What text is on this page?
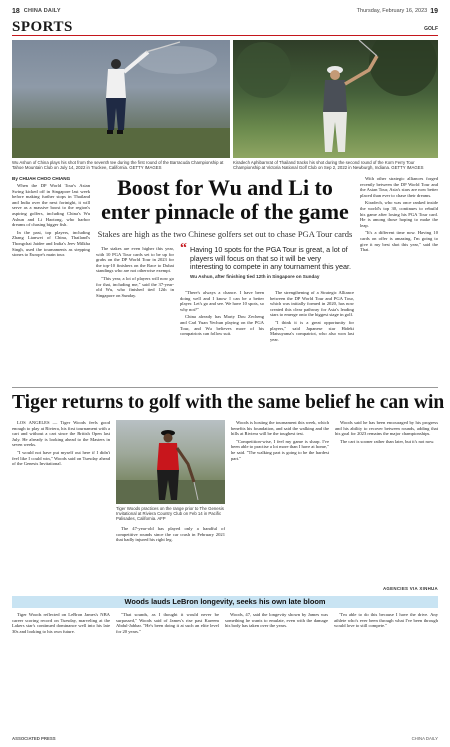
18 CHINA DAILY	Thursday, February 16, 2023 19
SPORTS	GOLF
Wu Ashun of China plays his shot from the seventh tee during the first round of the Barracuda Championship at Tahoe Mountain Club on July 14, 2022 in Truckee, California. GETTY IMAGES
Kiradech Aphibarnrat of Thailand tracks his shot during the second round of the Korn Ferry Tour Championship at Victoria National Golf Club on Sep 2, 2022 in Newburgh, Indiana. GETTY IMAGES
By CHUAH CHOO CHIANG

When the DP World Tour's Asian Swing kicked off in Singapore last week before making further stops in Thailand and India over the next fortnight, it will serve as a massive boost to the region's aspiring golfers, including China's Wu Ashun and Li Haotong, who harbor dreams of chasing bigger fish.

In the past, top players, including Zhang Lianwei of China, Thailand's Thongchai Jaidee and India's Jeev Milkha Singh, used the tournaments as stepping stones to Europe's main tour.

Boost for Wu and Li to enter pinnacle of the game
Stakes are high as the two Chinese golfers set out to chase PGA Tour cards

The stakes are even higher this year, with 10 PGA Tour cards set to be up for grabs on the DP World Tour in 2023 for the top-10 finishers on the Race to Dubai standings who are not otherwise exempt.

"This year, a lot of players will now go for that, including me," said the 37-year-old Wu, who finished tied 12th in Singapore on Sunday.

“ Having 10 spots for the PGA Tour is great, a lot of players will focus on that so it will be very interesting to compete in any tournament this year.
Wu Ashun, after finishing tied 12th in Singapore on Sunday

"There's always a chance. I have been doing well and I know I can be a better player. Let's go and see. We have 10 spots, so why not?"

China already has Marty Dou Zecheng and Carl Yuan Yechun playing on the PGA Tour, and Wu believes more of his compatriots can follow suit.

The strengthening of a Strategic Alliance between the DP World Tour and PGA Tour, which was initially formed in 2020, has now created this clear pathway for Asia's leading stars to emerge onto the biggest stage in golf.

"I think it is a great opportunity for players," said Japanese star Hideki Matsuyama's compatriot, who also won last year.

With other strategic alliances forged recently between the DP World Tour and the Asian Tour, Asia's stars are now better placed than ever to chase their dreams.

Kiradech, who was once ranked inside the world's top 30, continues to rebuild his game after losing his PGA Tour card. He is among those hoping to make the leap.

"It's a different time now. Having 10 cards on offer is amazing, I'm going to give it my best shot this year," said the Thai.

Tiger returns to golf with the same belief he can win

LOS ANGELES — Tiger Woods feels good enough to play at Riviera, his first tournament with a cart and without a cart since the British Open last July. He already is looking ahead to the Masters in seven weeks.

"I would not have put myself out here if I didn't feel like I could win," Woods said on Tuesday ahead of the Genesis Invitational.

Tiger Woods practices on the range prior to The Genesis Invitational at Riviera Country Club on Feb 14 in Pacific Palisades, California. AFP

The 47-year-old has played only a handful of competitive rounds since the car crash in February 2021 that badly injured his right leg.

Woods is hosting the tournament this week, which benefits his foundation, and said the walking and the hills at Riviera will be the toughest test.

"Competition-wise, I feel my game is sharp. I've been able to practise a lot more than I have at home," he said. "The walking part is going to be the hardest part."

Woods said he has been encouraged by his progress and his ability to recover between rounds, adding that his goal for 2023 remains the major championships.

The cart is sooner rather than later, but it's not now.

AGENCIES VIA XINHUA
Woods lauds LeBron longevity, seeks his own late bloom

Tiger Woods reflected on LeBron James's NBA career scoring record on Tuesday, marveling at the Lakers star's continued dominance well into his late 30s and looking to his own future.

"That sounds, as I thought it would never be surpassed," Woods said of James's rise past Kareem Abdul-Jabbar. "He's been doing it at such an elite level for 20 years."

Woods, 47, said the longevity shown by James was something he wants to emulate, even with the damage his body has taken over the years.

"I'm able to do this because I have the drive. Any athlete who's ever been through what I've been through would love to still compete."

ASSOCIATED PRESS	CHINA DAILY
